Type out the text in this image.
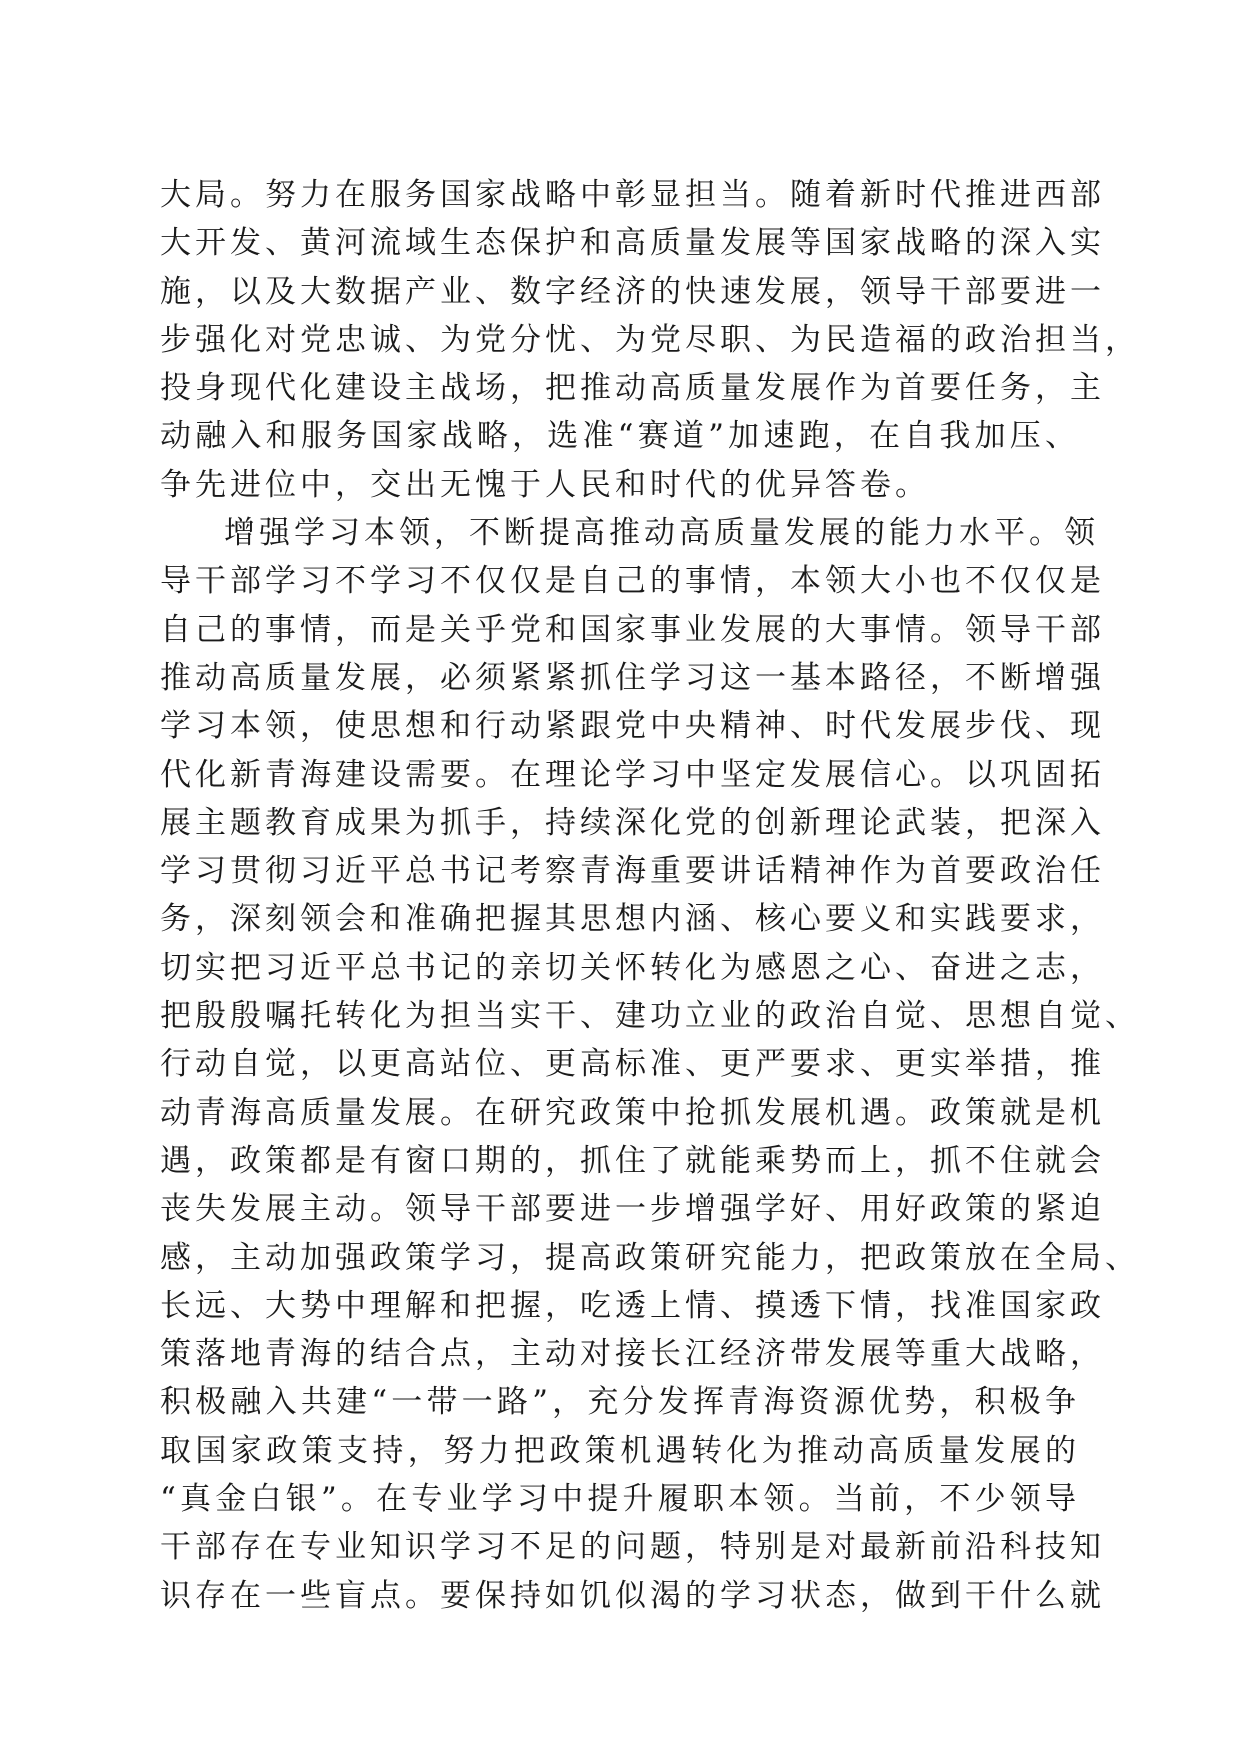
大局。努力在服务国家战略中彰显担当。随着新时代推进西部
大开发、黄河流域生态保护和高质量发展等国家战略的深入实
施，以及大数据产业、数字经济的快速发展，领导干部要进一
步强化对党忠诚、为党分忧、为党尽职、为民造福的政治担当，
投身现代化建设主战场，把推动高质量发展作为首要任务，主
动融入和服务国家战略，选准“赛道”加速跑，在自我加压、
争先进位中，交出无愧于人民和时代的优异答卷。
增强学习本领，不断提高推动高质量发展的能力水平。领
导干部学习不学习不仅仅是自己的事情，本领大小也不仅仅是
自己的事情，而是关乎党和国家事业发展的大事情。领导干部
推动高质量发展，必须紧紧抓住学习这一基本路径，不断增强
学习本领，使思想和行动紧跟党中央精神、时代发展步伐、现
代化新青海建设需要。在理论学习中坚定发展信心。以巩固拓
展主题教育成果为抓手，持续深化党的创新理论武装，把深入
学习贯彻习近平总书记考察青海重要讲话精神作为首要政治任
务，深刻领会和准确把握其思想内涵、核心要义和实践要求，
切实把习近平总书记的亲切关怀转化为感恩之心、奋进之志，
把殷殷嘱托转化为担当实干、建功立业的政治自觉、思想自觉、
行动自觉，以更高站位、更高标准、更严要求、更实举措，推
动青海高质量发展。在研究政策中抢抓发展机遇。政策就是机
遇，政策都是有窗口期的，抓住了就能乘势而上，抓不住就会
丧失发展主动。领导干部要进一步增强学好、用好政策的紧迫
感，主动加强政策学习，提高政策研究能力，把政策放在全局、
长远、大势中理解和把握，吃透上情、摸透下情，找准国家政
策落地青海的结合点，主动对接长江经济带发展等重大战略，
积极融入共建“一带一路”，充分发挥青海资源优势，积极争
取国家政策支持，努力把政策机遇转化为推动高质量发展的
“真金白银”。在专业学习中提升履职本领。当前，不少领导
干部存在专业知识学习不足的问题，特别是对最新前沿科技知
识存在一些盲点。要保持如饥似渴的学习状态，做到干什么就
